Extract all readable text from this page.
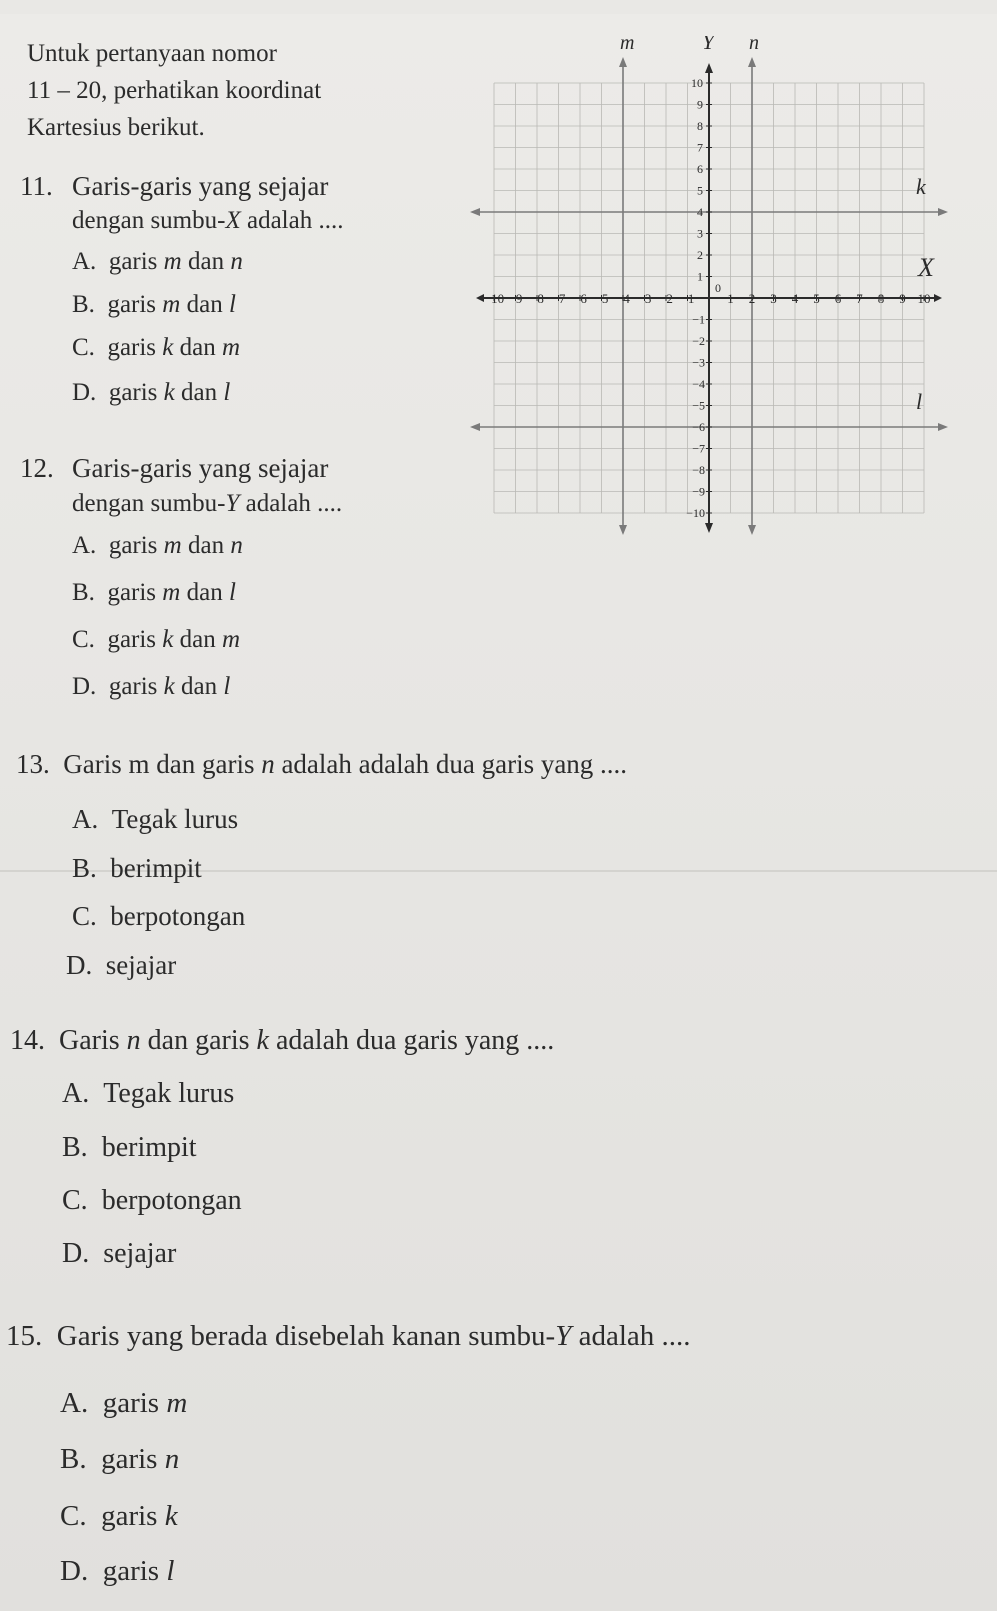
Untuk pertanyaan nomor
11 – 20, perhatikan koordinat
Kartesius berikut.
11. Garis-garis yang sejajar
dengan sumbu-X adalah ....
A. garis m dan n
B. garis m dan l
C. garis k dan m
D. garis k dan l
12. Garis-garis yang sejajar
dengan sumbu-Y adalah ....
A. garis m dan n
B. garis m dan l
C. garis k dan m
D. garis k dan l
13. Garis m dan garis n adalah adalah dua garis yang ....
A. Tegak lurus
B. berimpit
C. berpotongan
D. sejajar
14. Garis n dan garis k adalah dua garis yang ....
A. Tegak lurus
B. berimpit
C. berpotongan
D. sejajar
15. Garis yang berada disebelah kanan sumbu-Y adalah ....
A. garis m
B. garis n
C. garis k
D. garis l
m	n
k
l
X
Y
0
−10 −9 −8 −7 −6 −5 −4 −3 −2 −1	1 2 3 4 5 6 7 8 9 10
10
9
8
7
6
5
4
3
2
1
−1
−2
−3
−4
−5
−6
−7
−8
−9
−10
